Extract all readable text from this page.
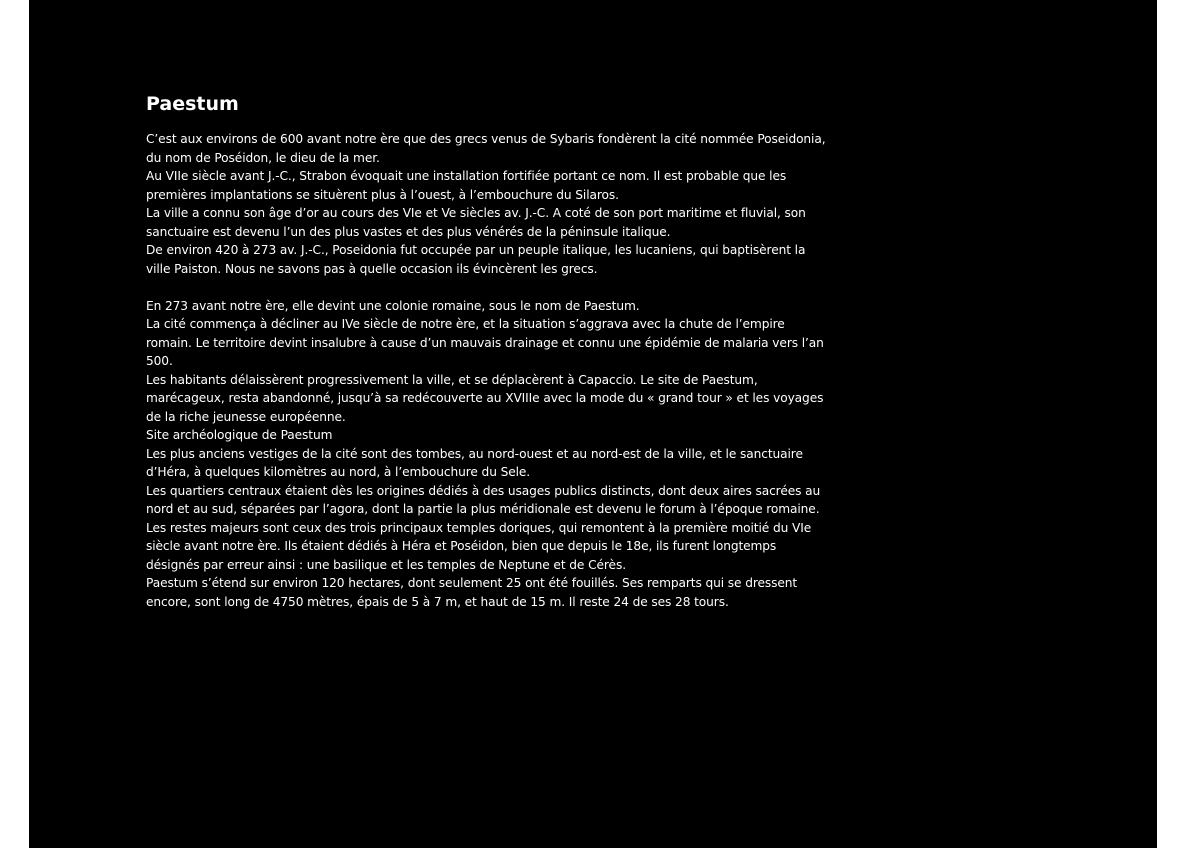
Paestum

C’est aux environs de 600 avant notre ère que des grecs venus de Sybaris fondèrent la cité nommée Poseidonia, du nom de Poséidon, le dieu de la mer.

Au VIIe siècle avant J.-C., Strabon évoquait une installation fortifiée portant ce nom. Il est probable que les premières implantations se situèrent plus à l’ouest, à l’embouchure du Silaros.

La ville a connu son âge d’or au cours des VIe et Ve siècles av. J.-C. A coté de son port maritime et fluvial, son sanctuaire est devenu l’un des plus vastes et des plus vénérés de la péninsule italique.

De environ 420 à 273 av. J.-C., Poseidonia fut occupée par un peuple italique, les lucaniens, qui baptisèrent la ville Paiston. Nous ne savons pas à quelle occasion ils évincèrent les grecs.

En 273 avant notre ère, elle devint une colonie romaine, sous le nom de Paestum.

La cité commença à décliner au IVe siècle de notre ère, et la situation s’aggrava avec la chute de l’empire romain. Le territoire devint insalubre à cause d’un mauvais drainage et connu une épidémie de malaria vers l’an 500.

Les habitants délaissèrent progressivement la ville, et se déplacèrent à Capaccio. Le site de Paestum, marécageux, resta abandonné, jusqu’à sa redécouverte au XVIIIe avec la mode du « grand tour » et les voyages de la riche jeunesse européenne.

Site archéologique de Paestum

Les plus anciens vestiges de la cité sont des tombes, au nord-ouest et au nord-est de la ville, et le sanctuaire d’Héra, à quelques kilomètres au nord, à l’embouchure du Sele.

Les quartiers centraux étaient dès les origines dédiés à des usages publics distincts, dont deux aires sacrées au nord et au sud, séparées par l’agora, dont la partie la plus méridionale est devenu le forum à l’époque romaine.

Les restes majeurs sont ceux des trois principaux temples doriques, qui remontent à la première moitié du VIe siècle avant notre ère. Ils étaient dédiés à Héra et Poséidon, bien que depuis le 18e, ils furent longtemps désignés par erreur ainsi : une basilique et les temples de Neptune et de Cérès.

Paestum s’étend sur environ 120 hectares, dont seulement 25 ont été fouillés. Ses remparts qui se dressent encore, sont long de 4750 mètres, épais de 5 à 7 m, et haut de 15 m. Il reste 24 de ses 28 tours.
